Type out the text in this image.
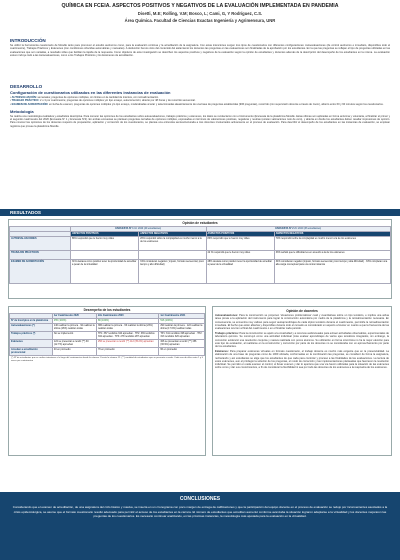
QUÍMICA EN FCEIA. ASPECTOS POSITIVOS Y NEGATIVOS DE LA EVALUACIÓN IMPLEMENTADA EN PANDEMIA
Disetti, M.E; Rolling, V.M; Bosco, L; Cami, G, Y Rodríguez, C.S.
Área Química. Facultad de Ciencias Exactas Ingeniería y Agrimensura, UNR
INTRODUCCIÓN
Se utilizó la herramienta cuestionario de Moodle tanto para promover el estudio autónomo como, para la evaluación continua y la acreditación de la asignatura. Con estas intenciones surgen tres tipos de cuestionarios con diferentes configuraciones: Autoevaluaciones (de control autónomo e inmediato, disponibles todo el cuatrimestre), Trabajos Prácticos y Exámenes (con condiciones ofrecidas automáticas y manuales). A deducción hemos visto del contenido del aislamiento los docentes las preguntas en las evaluaciones son finalizadas de la aprobación por los estudiantes. En la que las preguntas se reflejan el tipo de preguntas utilizadas en las evaluaciones que son variadas, a resultado útiles que facilitan la rápida de la respuesta. Como objetivos de esta investigación se describen los aspectos positivos y negativos de la evaluación según la opinión de estudiantes y docentes además de la descripción del desempeño de los estudiantes en la misma. La evaluación estuvo incluye todo a las Autoevaluaciones, como a los Trabajos Prácticos y los Exámenes de acreditación.
DESARROLLO
Configuración de cuestionarios utilizados en las diferentes instancias de evaluación
• AUTOEVALUACIÓN: semanales; preguntas de opciones múltiples, sin límites en la cantidad de intentos, con retroalimentación.
• TRABAJO PRÁCTICO: 2 o 3 por cuatrimestre; preguntas de opciones múltiples y/o tipo ensayo, autocorrección; abierto por 48 horas y de recorrido secuencial.
• EXAMEN DE ACREDITACIÓN: en fecha de examen; preguntas de opciones múltiples y/o tipo ensayo, moderabadas al azar y seleccionadas aleatoriamente de una base de preguntas establecidas (906 preguntas), recorrido (con supervisión docente a través de zoom), abierto entre 60 y 90 minutos según los cuestionarios.
Metodología
Se realiza una metodología cualitativa y estadística descriptiva. Para conocer las opiniones de los estudiantes sobre autoevaluaciones, trabajos prácticos y exámenes, los datos se recolectaron con el instrumento (Encuesta de la plataforma Moodle. Estas últimas son aplicadas en forma anónima y voluntaria, al finalizar el primer y el segundo cuatrimestre del 2020 (Encuesta Nº 1 y Encuesta Nº2). En ambas encuestas se plantean preguntas cerradas de opciones múltiples, expresadas en términos de valoraciones positivas, negativas y neutras (existen valoraciones nulo de cero), y abierta en donde los estudiantes deben resaltar impresiones de opinión. Para conocer las opiniones de los docentes respecto de preparación, aplicación y corrección de los cuestionarios, se plantea una entrevista semiestructurada a tres docentes involucrados activamente en el proceso de evaluación. Para describir el desempeño de los estudiantes en las instancias de evaluación, se emplean registros que provee la plataforma Moodle.
RESULTADOS
Opinión de estudiantes
	ENCUESTA Nº 1 1C 2020 (49 estudiantes)		ENCUESTA Nº 2 2C 2020 (36 estudiantes)	
	ASPECTOS POSITIVOS	ASPECTOS NEGATIVOS	ASPECTOS POSITIVOS	ASPECTOS NEGATIVOS
AUTOEVALUACIONES	86% respondió que le fueron muy útiles	20% respondió sobre la complejidad es mucho menor a la de los exámenes	83% respondió que le fueron muy útiles	70% respondió sobre la complejidad es mucho menor a la de los exámenes
TRABAJOS PRÁCTICOS			42 % respondió que le fueron muy útiles	33% señaló que le dificultad es en acuerdo a la de los exámenes
EXAMEN DE ACREDITACIÓN	31% destaca como positivo tener la oportunidad de acreditar a pesar de la virtualidad	31% consideran negativo ( injusto, formato secuencial, poco tiempo y alto dificultad)	48% destaca como positivo tener la oportunidad de acreditar a pesar de la virtualidad	34% consideran negativo (injusto, formato secuencial, poco tiempo y alta dificultad) · 33% completan una alta carga conceptual para una única instancia
Desempeño de los estudiantes
	1er Cuatrimestre 2020	2do Cuatrimestre 2020	1er Cuatrimestre 2021
Nº de Inscriptos en la plataforma	455 (100%)	89 (100%)	516 (100%)
Autoevaluaciones (*)	146 realizan la primera · 92 realizan la última (16%) realizan todas	386 realizan la primera · 66 realizan la última (24%) realizan todas	290 realizan la primera · 122 realizan la última (17.6%) realizan todas
Trabajos prácticos (*)	No se implementó	TP1: 367 rendidos 344 aprueban · TP2: 339 rendidos 332 aprueban · TP3: 278 rendidos 287 aprueban	TP1: 311 rendidos 328 aprueban · TP2: 313 rendidos 320 aprueban
Exámenes	124 se presentan a rendir (**) 30 (12.7%) aprueban	256 se presentan a rendir (**) 112 (35.2%) aprueban	326 se presentan a rendir (**) 156 (36.9%) aprueban
Acceden a acreditación promocional	40 en promedio	79 en promedio	66 en promedio
(*) Nº de estudiantes que se realiza intentaron a lo largo del cuatrimestre desde la número 1 hasta la número 12. (**) cantidad de estudiantes que se presenta a rendir. Cada uno de ellos entre 1 y 5 veces por cuatrimestre
Opinión de docentes
Autoevaluaciones: Para la construcción se proponen 'situaciones problemáticas' cuali y cuantitativas sobre un tipo temático, e implica una ardua tarea previa a la aplicación del instrumento para lograr la construcción automática por medio de la plataforma y la retroalimentación necesaria. En consecuencia, se encuentra muy valioso para seguir autoaprendizajes de cada tópico temático durante el cuatrimestre, permitirle la retroalimentación inmediata. El hecho que estén abiertas y disponibles durante todo el cursado es considerado un aspecto a favorer en cuanto a que la frecuencia de las evaluaciones ocurren al final del cuatrimestre o en el finalizar cada periodo.
Trabajos prácticos: Para la construcción se apeló a la creatividad y a recursos audiovisuales para extraer actividades observables, experimentales de laboratorio químico. Se construyó como una actividad individual (más evaluar aprendizajes de varios ejes temáticos integrados, sin embargo, la corrección evidenció una resolución conjunta y masiva realizada con pocos alumnos. Su utilización en forma sincrónica no ha la mejor elección para este tipo de evaluación, al realizarse en la construcción y corrección por parte de los docentes no se consideraba con un aprovechamiento por parte de los estudiantes.
Exámenes: Para preparar exámenes virtuales en formato cuestionario, el trabajo docente es mucho más exigente que en la presencialidad. La elaboración de una base de preguntas como de 1000 ubicada, conformadas en la combinación las preguntas, se consideró de forma la asignatura, rechazando y así estudiantes se elige que los estudiantes de que cada para controlar y proceso a las finalidades de las evaluaciones. La lectura de estos exámenes, aun el privilegio la solución de los preguntas, el modo de corrección y las implementaciones planteadas que favorecen la resolución individual. Se permitió en cada examen el control, el llevar examen y dar lo apertura que una vía fueron utilizadas para la situación de las exámenes sobre como y dar sus conocimientos, a fin de considerar la flexibilidad ni sea por todo las docentes de los exámenes a la reaprueba de los exámenes.
CONCLUSIONES
Considerando que el examen de acreditación, de una asignatura del ciclo básico y masiva, se inserta en un cronograma con poco margen de entrega de calificaciones y que la participación del equipo docente en el proceso de evaluación se redujo por inconvenientes asociados a la crisis epidemiológica, se asume que el formato cuestionario resultó adecuado para permitir el acceso de los estudiantes en la carrera. El número de estudiantes que acreditan aumentó conforme avanzaba la situación lograron adaptarse a la virtualidad y los docentes mejoraron las preguntas de los cuestionarios. Es necesario continuar analizando, en las próximas instancias, la metodología más ajustada para la evaluación en la virtualidad.
